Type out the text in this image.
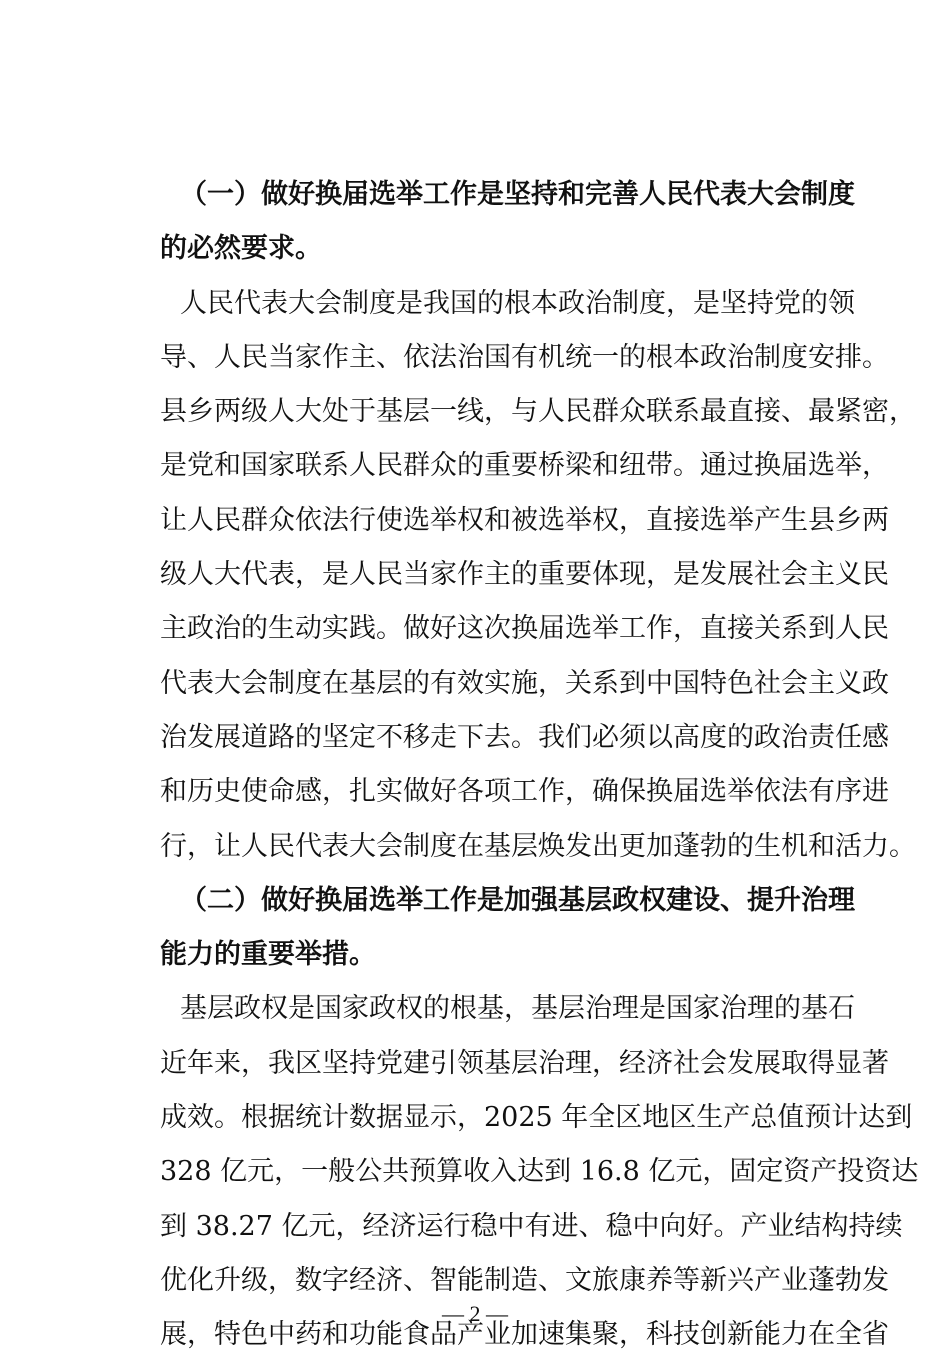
（一）做好换届选举工作是坚持和完善人民代表大会制度
的必然要求。
人民代表大会制度是我国的根本政治制度，是坚持党的领
导、人民当家作主、依法治国有机统一的根本政治制度安排。
县乡两级人大处于基层一线，与人民群众联系最直接、最紧密，
是党和国家联系人民群众的重要桥梁和纽带。通过换届选举，
让人民群众依法行使选举权和被选举权，直接选举产生县乡两
级人大代表，是人民当家作主的重要体现，是发展社会主义民
主政治的生动实践。做好这次换届选举工作，直接关系到人民
代表大会制度在基层的有效实施，关系到中国特色社会主义政
治发展道路的坚定不移走下去。我们必须以高度的政治责任感
和历史使命感，扎实做好各项工作，确保换届选举依法有序进
行，让人民代表大会制度在基层焕发出更加蓬勃的生机和活力。
（二）做好换届选举工作是加强基层政权建设、提升治理
能力的重要举措。
基层政权是国家政权的根基，基层治理是国家治理的基石
近年来，我区坚持党建引领基层治理，经济社会发展取得显著
成效。根据统计数据显示，2025 年全区地区生产总值预计达到
328 亿元，一般公共预算收入达到 16.8 亿元，固定资产投资达
到 38.27 亿元，经济运行稳中有进、稳中向好。产业结构持续
优化升级，数字经济、智能制造、文旅康养等新兴产业蓬勃发
展，特色中药和功能食品产业加速集聚，科技创新能力在全省
— 2 —
